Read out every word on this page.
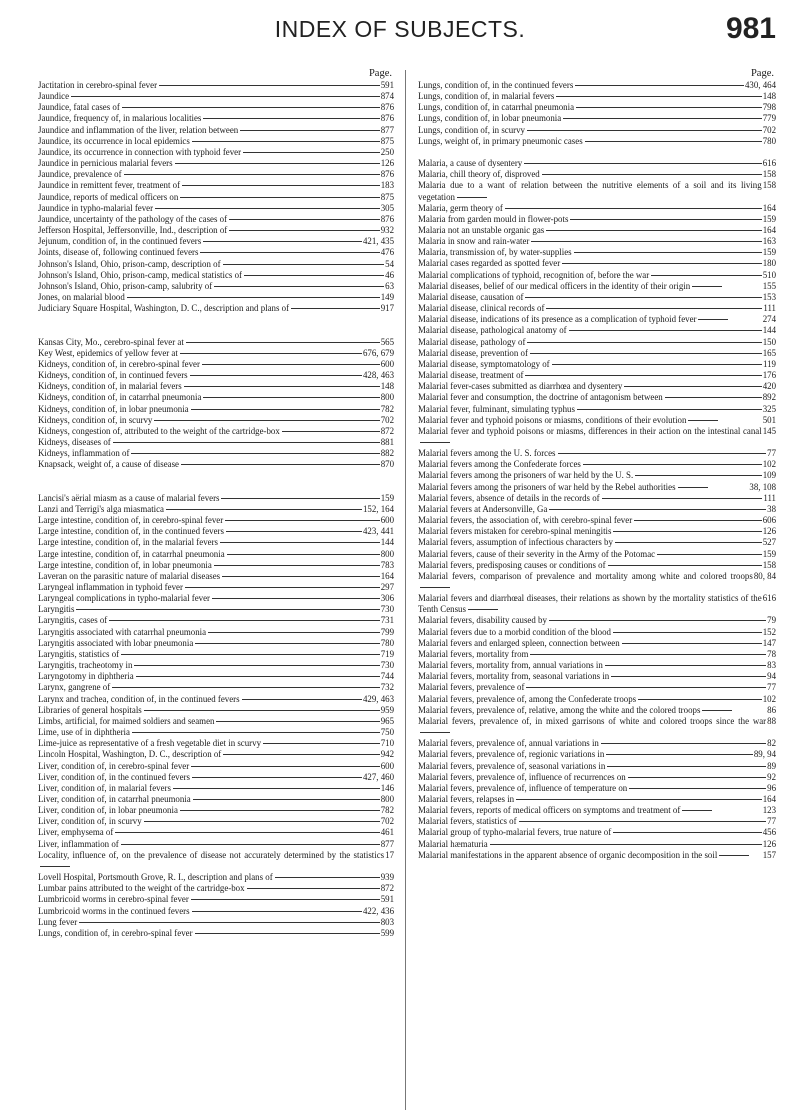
INDEX OF SUBJECTS.	981
Page.
591
Jactitation in cerebro-spinal fever
874
Jaundice
876
Jaundice, fatal cases of
876
Jaundice, frequency of, in malarious localities
877
Jaundice and inflammation of the liver, relation between
875
Jaundice, its occurrence in local epidemics
250
Jaundice, its occurrence in connection with typhoid fever
126
Jaundice in pernicious malarial fevers
876
Jaundice, prevalence of
183
Jaundice in remittent fever, treatment of
875
Jaundice, reports of medical officers on
305
Jaundice in typho-malarial fever
876
Jaundice, uncertainty of the pathology of the cases of
932
Jefferson Hospital, Jeffersonville, Ind., description of
421, 435
Jejunum, condition of, in the continued fevers
476
Joints, disease of, following continued fevers
54
Johnson's Island, Ohio, prison-camp, description of
46
Johnson's Island, Ohio, prison-camp, medical statistics of
63
Johnson's Island, Ohio, prison-camp, salubrity of
149
Jones, on malarial blood
917
Judiciary Square Hospital, Washington, D. C., description and plans of
565
Kansas City, Mo., cerebro-spinal fever at
676, 679
Key West, epidemics of yellow fever at
600
Kidneys, condition of, in cerebro-spinal fever
428, 463
Kidneys, condition of, in continued fevers
148
Kidneys, condition of, in malarial fevers
800
Kidneys, condition of, in catarrhal pneumonia
782
Kidneys, condition of, in lobar pneumonia
702
Kidneys, condition of, in scurvy
872
Kidneys, congestion of, attributed to the weight of the cartridge-box
881
Kidneys, diseases of
882
Kidneys, inflammation of
870
Knapsack, weight of, a cause of disease
159
Lancisi's aërial miasm as a cause of malarial fevers
152, 164
Lanzi and Terrigi's alga miasmatica
600
Large intestine, condition of, in cerebro-spinal fever
423, 441
Large intestine, condition of, in the continued fevers
144
Large intestine, condition of, in the malarial fevers
800
Large intestine, condition of, in catarrhal pneumonia
783
Large intestine, condition of, in lobar pneumonia
164
Laveran on the parasitic nature of malarial diseases
297
Laryngeal inflammation in typhoid fever
306
Laryngeal complications in typho-malarial fever
730
Laryngitis
731
Laryngitis, cases of
799
Laryngitis associated with catarrhal pneumonia
780
Laryngitis associated with lobar pneumonia
719
Laryngitis, statistics of
730
Laryngitis, tracheotomy in
744
Laryngotomy in diphtheria
732
Larynx, gangrene of
429, 463
Larynx and trachea, condition of, in the continued fevers
959
Libraries of general hospitals
965
Limbs, artificial, for maimed soldiers and seamen
750
Lime, use of in diphtheria
710
Lime-juice as representative of a fresh vegetable diet in scurvy
942
Lincoln Hospital, Washington, D. C., description of
600
Liver, condition of, in cerebro-spinal fever
427, 460
Liver, condition of, in the continued fevers
146
Liver, condition of, in malarial fevers
800
Liver, condition of, in catarrhal pneumonia
782
Liver, condition of, in lobar pneumonia
702
Liver, condition of, in scurvy
461
Liver, emphysema of
877
Liver, inflammation of
17
Locality, influence of, on the prevalence of disease not accurately determined by the statistics
939
Lovell Hospital, Portsmouth Grove, R. I., description and plans of
872
Lumbar pains attributed to the weight of the cartridge-box
591
Lumbricoid worms in cerebro-spinal fever
422, 436
Lumbricoid worms in the continued fevers
803
Lung fever
599
Lungs, condition of, in cerebro-spinal fever
Page.
430, 464
Lungs, condition of, in the continued fevers
148
Lungs, condition of, in malarial fevers
798
Lungs, condition of, in catarrhal pneumonia
779
Lungs, condition of, in lobar pneumonia
702
Lungs, condition of, in scurvy
780
Lungs, weight of, in primary pneumonic cases
616
Malaria, a cause of dysentery
158
Malaria, chill theory of, disproved
158
Malaria due to a want of relation between the nutritive elements of a soil and its living vegetation
164
Malaria, germ theory of
159
Malaria from garden mould in flower-pots
164
Malaria not an unstable organic gas
163
Malaria in snow and rain-water
159
Malaria, transmission of, by water-supplies
180
Malarial cases regarded as spotted fever
510
Malarial complications of typhoid, recognition of, before the war
155
Malarial diseases, belief of our medical officers in the identity of their origin
153
Malarial disease, causation of
111
Malarial disease, clinical records of
274
Malarial disease, indications of its presence as a complication of typhoid fever
144
Malarial disease, pathological anatomy of
150
Malarial disease, pathology of
165
Malarial disease, prevention of
119
Malarial disease, symptomatology of
176
Malarial disease, treatment of
420
Malarial fever-cases submitted as diarrhœa and dysentery
892
Malarial fever and consumption, the doctrine of antagonism between
325
Malarial fever, fulminant, simulating typhus
501
Malarial fever and typhoid poisons or miasms, conditions of their evolution
145
Malarial fever and typhoid poisons or miasms, differences in their action on the intestinal canal
77
Malarial fevers among the U. S. forces
102
Malarial fevers among the Confederate forces
109
Malarial fevers among the prisoners of war held by the U. S.
38, 108
Malarial fevers among the prisoners of war held by the Rebel authorities
111
Malarial fevers, absence of details in the records of
38
Malarial fevers at Andersonville, Ga
606
Malarial fevers, the association of, with cerebro-spinal fever
126
Malarial fevers mistaken for cerebro-spinal meningitis
527
Malarial fevers, assumption of infectious characters by
159
Malarial fevers, cause of their severity in the Army of the Potomac
158
Malarial fevers, predisposing causes or conditions of
80, 84
Malarial fevers, comparison of prevalence and mortality among white and colored troops
616
Malarial fevers and diarrhœal diseases, their relations as shown by the mortality statistics of the Tenth Census
79
Malarial fevers, disability caused by
152
Malarial fevers due to a morbid condition of the blood
147
Malarial fevers and enlarged spleen, connection between
78
Malarial fevers, mortality from
83
Malarial fevers, mortality from, annual variations in
94
Malarial fevers, mortality from, seasonal variations in
77
Malarial fevers, prevalence of
102
Malarial fevers, prevalence of, among the Confederate troops
86
Malarial fevers, prevalence of, relative, among the white and the colored troops
88
Malarial fevers, prevalence of, in mixed garrisons of white and colored troops since the war
82
Malarial fevers, prevalence of, annual variations in
89, 94
Malarial fevers, prevalence of, regionic variations in
89
Malarial fevers, prevalence of, seasonal variations in
92
Malarial fevers, prevalence of, influence of recurrences on
96
Malarial fevers, prevalence of, influence of temperature on
164
Malarial fevers, relapses in
123
Malarial fevers, reports of medical officers on symptoms and treatment of
77
Malarial fevers, statistics of
456
Malarial group of typho-malarial fevers, true nature of
126
Malarial hæmaturia
157
Malarial manifestations in the apparent absence of organic decomposition in the soil
